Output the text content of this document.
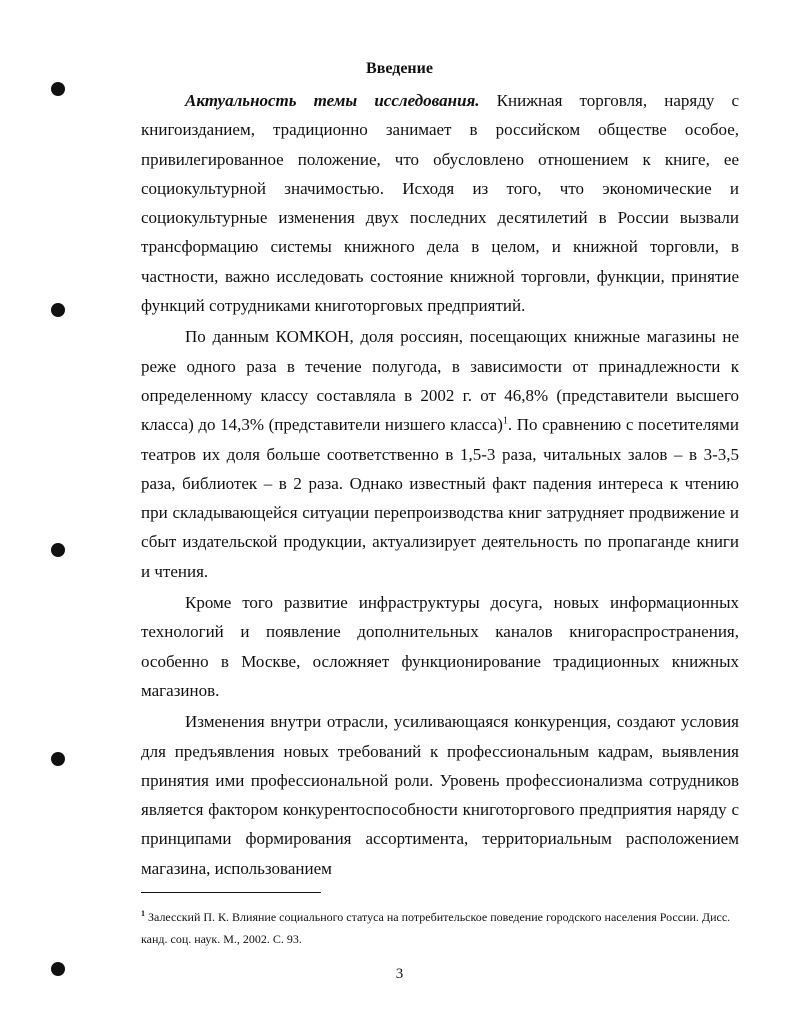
Введение

Актуальность темы исследования. Книжная торговля, наряду с книгоизданием, традиционно занимает в российском обществе особое, привилегированное положение, что обусловлено отношением к книге, ее социокультурной значимостью. Исходя из того, что экономические и социокультурные изменения двух последних десятилетий в России вызвали трансформацию системы книжного дела в целом, и книжной торговли, в частности, важно исследовать состояние книжной торговли, функции, принятие функций сотрудниками книготорговых предприятий.

По данным КОМКОН, доля россиян, посещающих книжные магазины не реже одного раза в течение полугода, в зависимости от принадлежности к определенному классу составляла в 2002 г. от 46,8% (представители высшего класса) до 14,3% (представители низшего класса)$^1$. По сравнению с посетителями театров их доля больше соответственно в 1,5-3 раза, читальных залов – в 3-3,5 раза, библиотек – в 2 раза. Однако известный факт падения интереса к чтению при складывающейся ситуации перепроизводства книг затрудняет продвижение и сбыт издательской продукции, актуализирует деятельность по пропаганде книги и чтения.

Кроме того развитие инфраструктуры досуга, новых информационных технологий и появление дополнительных каналов книгораспространения, особенно в Москве, осложняет функционирование традиционных книжных магазинов.

Изменения внутри отрасли, усиливающаяся конкуренция, создают условия для предъявления новых требований к профессиональным кадрам, выявления принятия ими профессиональной роли. Уровень профессионализма сотрудников является фактором конкурентоспособности книготоргового предприятия наряду с принципами формирования ассортимента, территориальным расположением магазина, использованием

$^1$ Залесский П. К. Влияние социального статуса на потребительское поведение городского населения России. Дисс. канд. соц. наук. М., 2002. С. 93.
3
